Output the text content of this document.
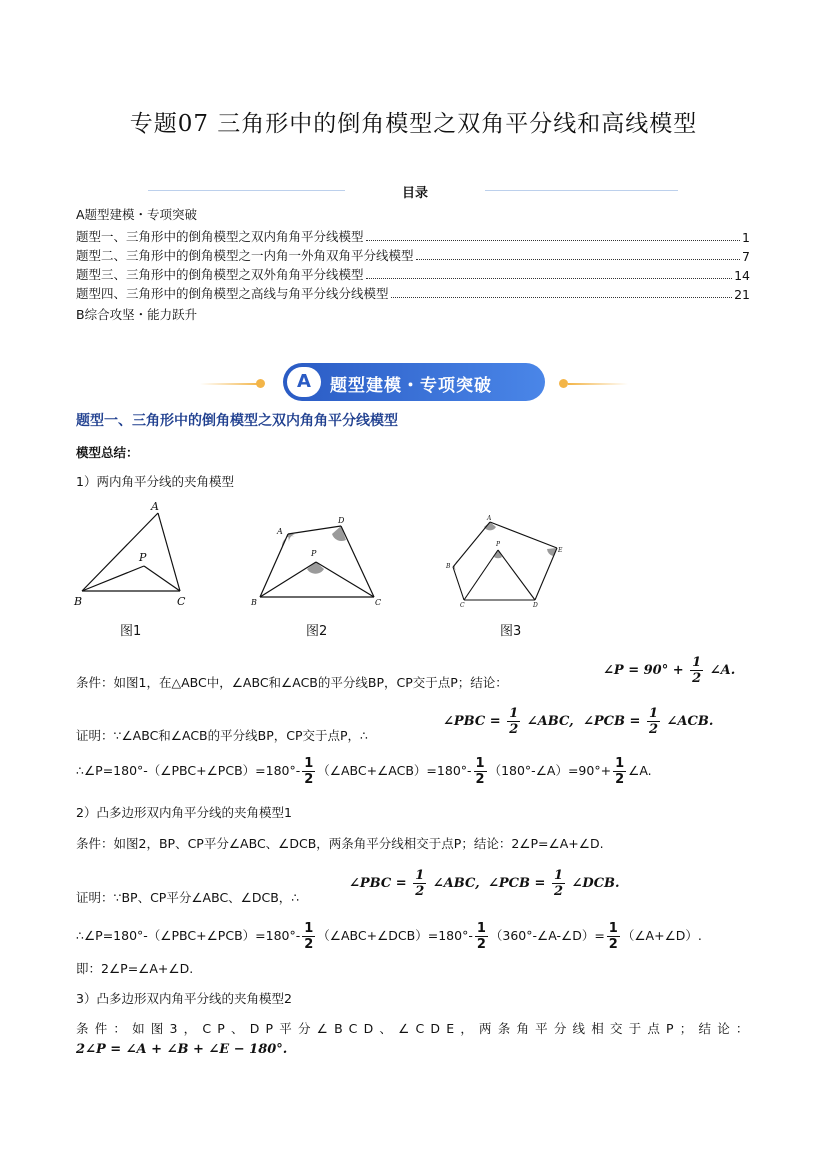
专题07 三角形中的倒角模型之双角平分线和高线模型
目录
A题型建模・专项突破
题型一、三角形中的倒角模型之双内角角平分线模型	1
题型二、三角形中的倒角模型之一内角一外角双角平分线模型	7
题型三、三角形中的倒角模型之双外角角平分线模型	14
题型四、三角形中的倒角模型之高线与角平分线分线模型	21
B综合攻坚・能力跃升
A	题型建模・专项突破
题型一、三角形中的倒角模型之双内角角平分线模型
模型总结：
1）两内角平分线的夹角模型
A
P
B	C
A
D
P
B	C
A
P
B
E
C	D
图1	图2	图3
条件：如图1，在△ABC中，∠ABC和∠ACB的平分线BP，CP交于点P；结论：
∠P = $90^\circ + \frac{1}{2}$ ∠A.
证明：∵∠ABC和∠ACB的平分线BP，CP交于点P，∴
∠PBC = $\frac{1}{2}$ ∠ABC, ∠PCB = $\frac{1}{2}$ ∠ACB.
∴∠P=180°-（∠PBC+∠PCB）=180°- $\frac{1}{2}$ （∠ABC+∠ACB）=180°- $\frac{1}{2}$ （180°-∠A）=90°+ $\frac{1}{2}$ ∠A.
2）凸多边形双内角平分线的夹角模型1
条件：如图2，BP、CP平分∠ABC、∠DCB，两条角平分线相交于点P；结论：2∠P=∠A+∠D.
证明：∵BP、CP平分∠ABC、∠DCB，∴
∠PBC = $\frac{1}{2}$ ∠ABC, ∠PCB = $\frac{1}{2}$ ∠DCB.
∴∠P=180°-（∠PBC+∠PCB）=180°- $\frac{1}{2}$ （∠ABC+∠DCB）=180°- $\frac{1}{2}$ （360°-∠A-∠D）= $\frac{1}{2}$ （∠A+∠D）.
即：2∠P=∠A+∠D.
3）凸多边形双内角平分线的夹角模型2
条件：如图3，CP、DP平分∠BCD、∠CDE，两条角平分线相交于点P；结论：
2∠P = ∠A + ∠B + ∠E − 180°.
